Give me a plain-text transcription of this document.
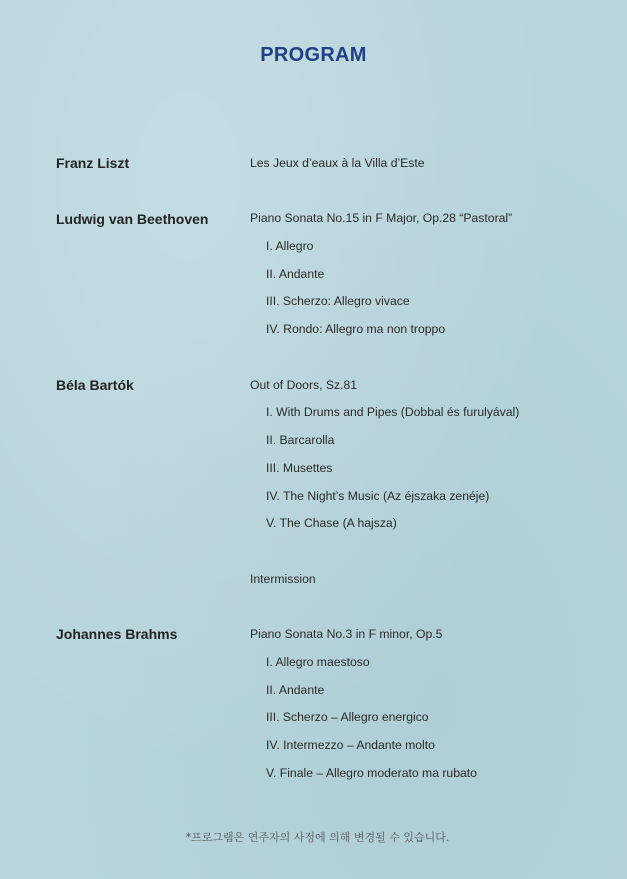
PROGRAM
Franz Liszt	Les Jeux d’eaux à la Villa d’Este
Ludwig van Beethoven	Piano Sonata No.15 in F Major, Op.28 “Pastoral”
I. Allegro
II. Andante
III. Scherzo: Allegro vivace
IV. Rondo: Allegro ma non troppo
Béla Bartók	Out of Doors, Sz.81
I. With Drums and Pipes (Dobbal és furulyával)
II. Barcarolla
III. Musettes
IV. The Night’s Music (Az éjszaka zenéje)
V. The Chase (A hajsza)
Intermission
Johannes Brahms	Piano Sonata No.3 in F minor, Op.5
I. Allegro maestoso
II. Andante
III. Scherzo – Allegro energico
IV. Intermezzo – Andante molto
V. Finale – Allegro moderato ma rubato
*프로그램은 연주자의 사정에 의해 변경될 수 있습니다.
